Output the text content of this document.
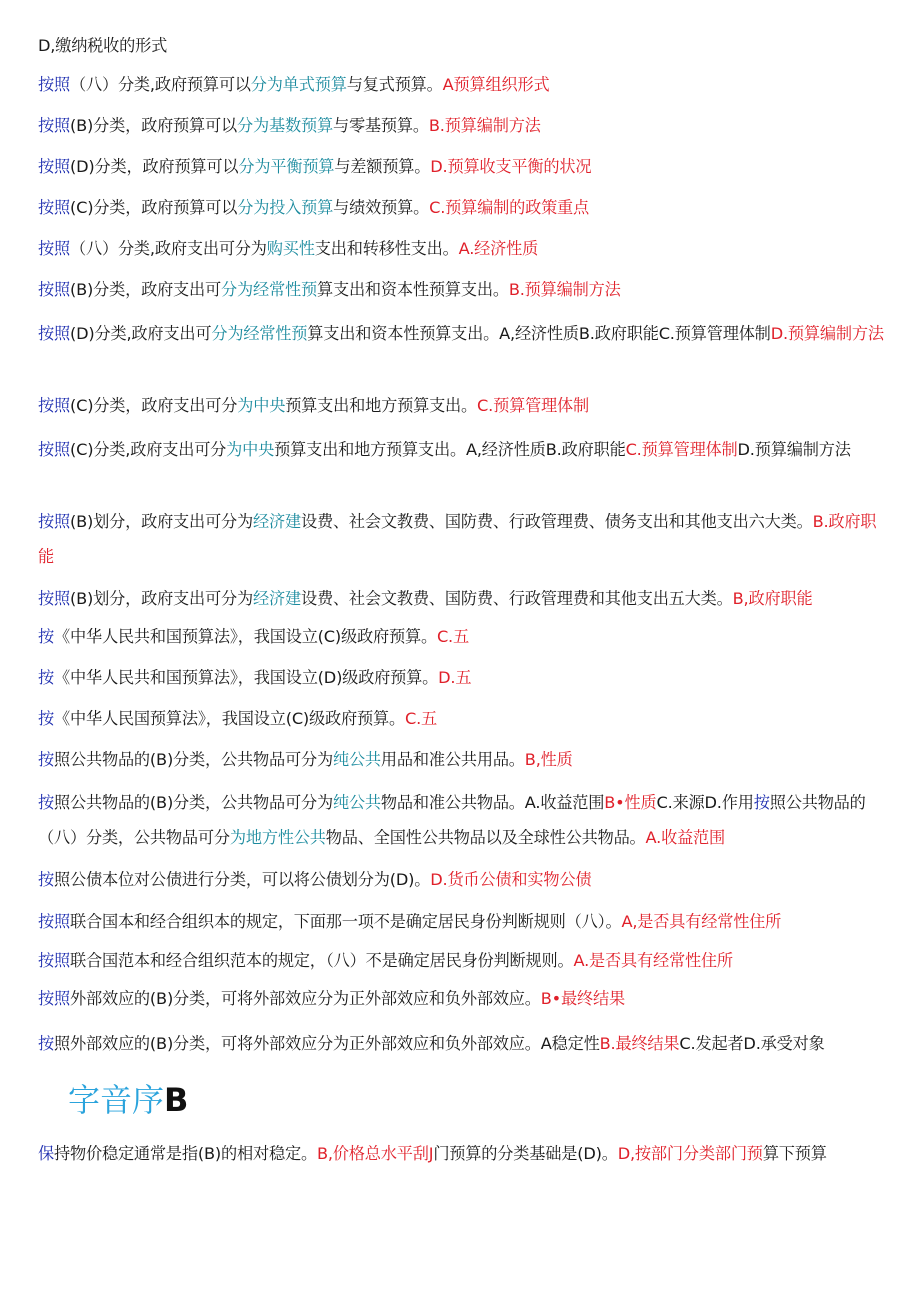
D,缴纳税收的形式
按照（八）分类,政府预算可以分为单式预算与复式预算。A预算组织形式
按照(B)分类，政府预算可以分为基数预算与零基预算。B.预算编制方法
按照(D)分类，政府预算可以分为平衡预算与差额预算。D.预算收支平衡的状况
按照(C)分类，政府预算可以分为投入预算与绩效预算。C.预算编制的政策重点
按照（八）分类,政府支出可分为购买性支出和转移性支出。A.经济性质
按照(B)分类，政府支出可分为经常性预算支出和资本性预算支出。B.预算编制方法
按照(D)分类,政府支出可分为经常性预算支出和资本性预算支出。A,经济性质B.政府职能C.预算管理体制D.预算编制方法
按照(C)分类，政府支出可分为中央预算支出和地方预算支出。C.预算管理体制
按照(C)分类,政府支出可分为中央预算支出和地方预算支出。A,经济性质B.政府职能C.预算管理体制D.预算编制方法
按照(B)划分，政府支出可分为经济建设费、社会文教费、国防费、行政管理费、债务支出和其他支出六大类。B.政府职能
按照(B)划分，政府支出可分为经济建设费、社会文教费、国防费、行政管理费和其他支出五大类。B,政府职能
按《中华人民共和国预算法》，我国设立(C)级政府预算。C.五
按《中华人民共和国预算法》，我国设立(D)级政府预算。D.五
按《中华人民国预算法》，我国设立(C)级政府预算。C.五
按照公共物品的(B)分类，公共物品可分为纯公共用品和准公共用品。B,性质
按照公共物品的(B)分类，公共物品可分为纯公共物品和准公共物品。A.收益范围B•性质C.来源D.作用按照公共物品的（八）分类，公共物品可分为地方性公共物品、全国性公共物品以及全球性公共物品。A.收益范围
按照公债本位对公债进行分类，可以将公债划分为(D)。D.货币公债和实物公债
按照联合国本和经合组织本的规定，下面那一项不是确定居民身份判断规则（八）。A,是否具有经常性住所
按照联合国范本和经合组织范本的规定，（八）不是确定居民身份判断规则。A.是否具有经常性住所
按照外部效应的(B)分类，可将外部效应分为正外部效应和负外部效应。B•最终结果
按照外部效应的(B)分类，可将外部效应分为正外部效应和负外部效应。A稳定性B.最终结果C.发起者D.承受对象
字音序B
保持物价稳定通常是指(B)的相对稳定。B,价格总水平刮J门预算的分类基础是(D)。D,按部门分类部门预算下预算
